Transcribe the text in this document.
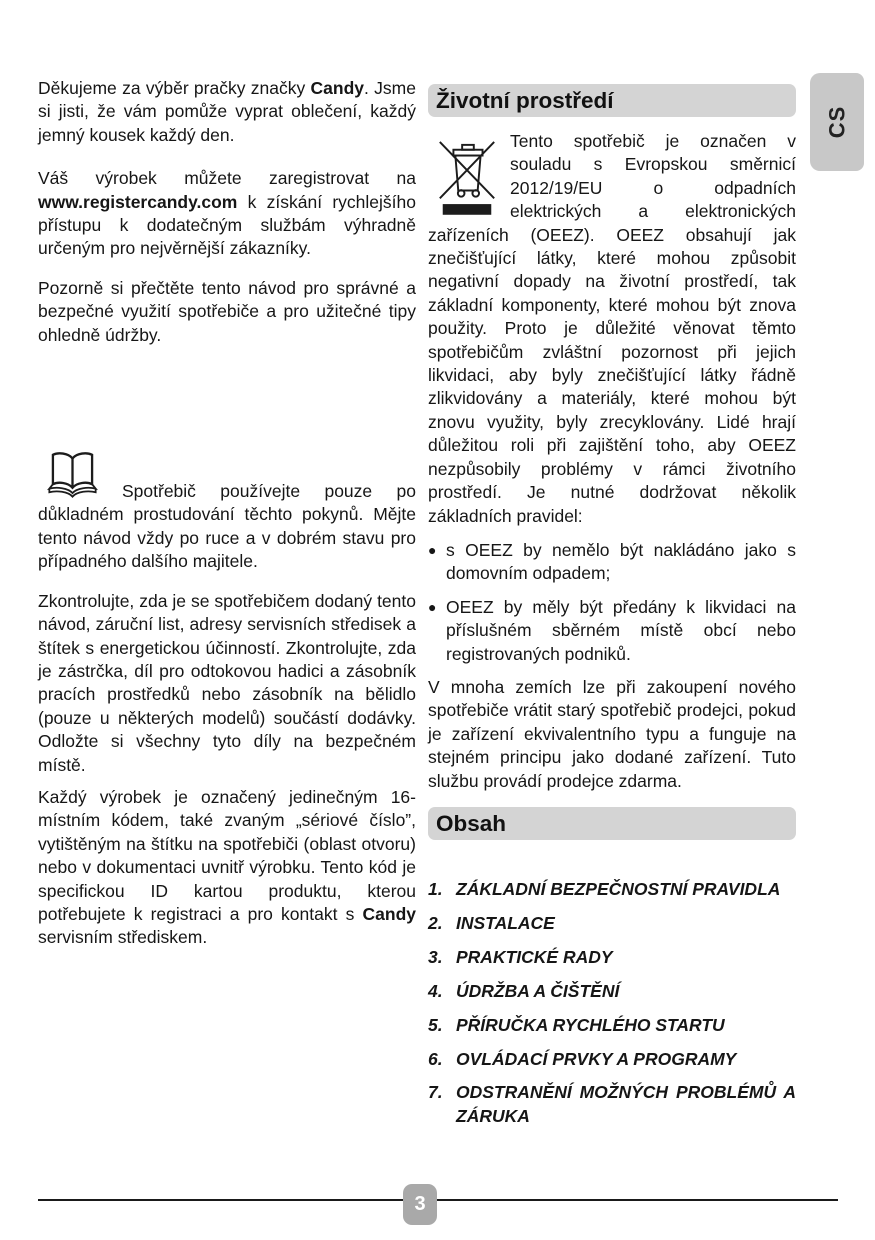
Děkujeme za výběr pračky značky Candy. Jsme si jisti, že vám pomůže vyprat oblečení, každý jemný kousek každý den.

Váš výrobek můžete zaregistrovat na www.registercandy.com k získání rychlejšího přístupu k dodatečným službám výhradně určeným pro nejvěrnější zákazníky.

Pozorně si přečtěte tento návod pro správné a bezpečné využití spotřebiče a pro užitečné tipy ohledně údržby.

Spotřebič používejte pouze po důkladném prostudování těchto pokynů. Mějte tento návod vždy po ruce a v dobrém stavu pro případného dalšího majitele.

Zkontrolujte, zda je se spotřebičem dodaný tento návod, záruční list, adresy servisních středisek a štítek s energetickou účinností. Zkontrolujte, zda je zástrčka, díl pro odtokovou hadici a zásobník pracích prostředků nebo zásobník na bělidlo (pouze u některých modelů) součástí dodávky. Odložte si všechny tyto díly na bezpečném místě.

Každý výrobek je označený jedinečným 16-místním kódem, také zvaným „sériové číslo”, vytištěným na štítku na spotřebiči (oblast otvoru) nebo v dokumentaci uvnitř výrobku. Tento kód je specifickou ID kartou produktu, kterou potřebujete k registraci a pro kontakt s Candy servisním střediskem.

Životní prostředí

Tento spotřebič je označen v souladu s Evropskou směrnicí 2012/19/EU o odpadních elektrických a elektronických zařízeních (OEEZ). OEEZ obsahují jak znečišťující látky, které mohou způsobit negativní dopady na životní prostředí, tak základní komponenty, které mohou být znova použity. Proto je důležité věnovat těmto spotřebičům zvláštní pozornost při jejich likvidaci, aby byly znečišťující látky řádně zlikvidovány a materiály, které mohou být znovu využity, byly zrecyklovány. Lidé hrají důležitou roli při zajištění toho, aby OEEZ nezpůsobily problémy v rámci životního prostředí. Je nutné dodržovat několik základních pravidel:

● s OEEZ by nemělo být nakládáno jako s domovním odpadem;
● OEEZ by měly být předány k likvidaci na příslušném sběrném místě obcí nebo registrovaných podniků.

V mnoha zemích lze při zakoupení nového spotřebiče vrátit starý spotřebič prodejci, pokud je zařízení ekvivalentního typu a funguje na stejném principu jako dodané zařízení. Tuto službu provádí prodejce zdarma.

Obsah
1. ZÁKLADNÍ BEZPEČNOSTNÍ PRAVIDLA
2. INSTALACE
3. PRAKTICKÉ RADY
4. ÚDRŽBA A ČIŠTĚNÍ
5. PŘÍRUČKA RYCHLÉHO STARTU
6. OVLÁDACÍ PRVKY A PROGRAMY
7. ODSTRANĚNÍ MOŽNÝCH PROBLÉMŮ A ZÁRUKA
CS
3
